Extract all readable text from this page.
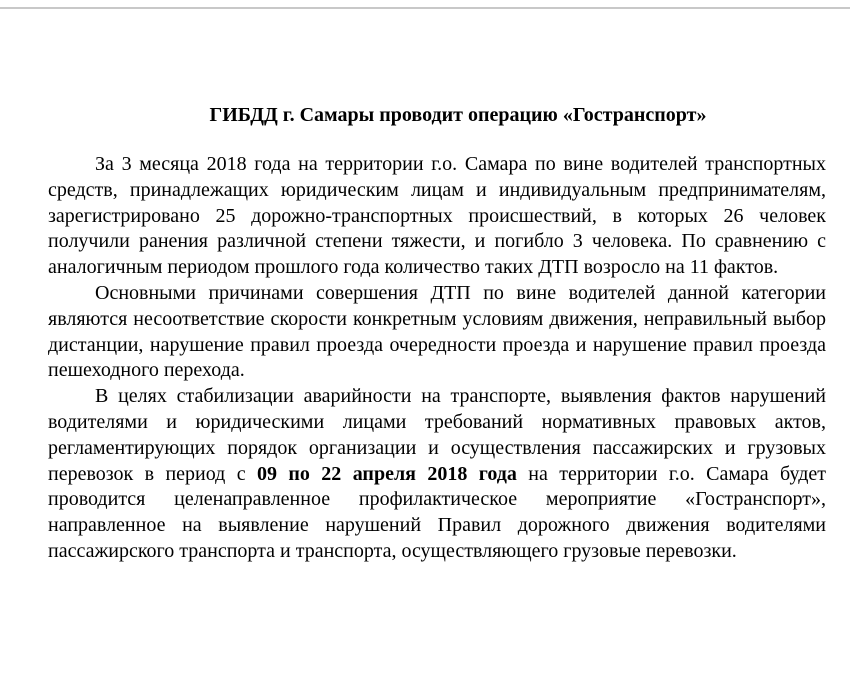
ГИБДД г. Самары проводит операцию «Гостранспорт»

За 3 месяца 2018 года на территории г.о. Самара по вине водителей транспортных средств, принадлежащих юридическим лицам и индивидуальным предпринимателям, зарегистрировано 25 дорожно-транспортных происшествий, в которых 26 человек получили ранения различной степени тяжести, и погибло 3 человека. По сравнению с аналогичным периодом прошлого года количество таких ДТП возросло на 11 фактов.

Основными причинами совершения ДТП по вине водителей данной категории являются несоответствие скорости конкретным условиям движения, неправильный выбор дистанции, нарушение правил проезда очередности проезда и нарушение правил проезда пешеходного перехода.

В целях стабилизации аварийности на транспорте, выявления фактов нарушений водителями и юридическими лицами требований нормативных правовых актов, регламентирующих порядок организации и осуществления пассажирских и грузовых перевозок в период с 09 по 22 апреля 2018 года на территории г.о. Самара будет проводится целенаправленное профилактическое мероприятие «Гостранспорт», направленное на выявление нарушений Правил дорожного движения водителями пассажирского транспорта и транспорта, осуществляющего грузовые перевозки.
